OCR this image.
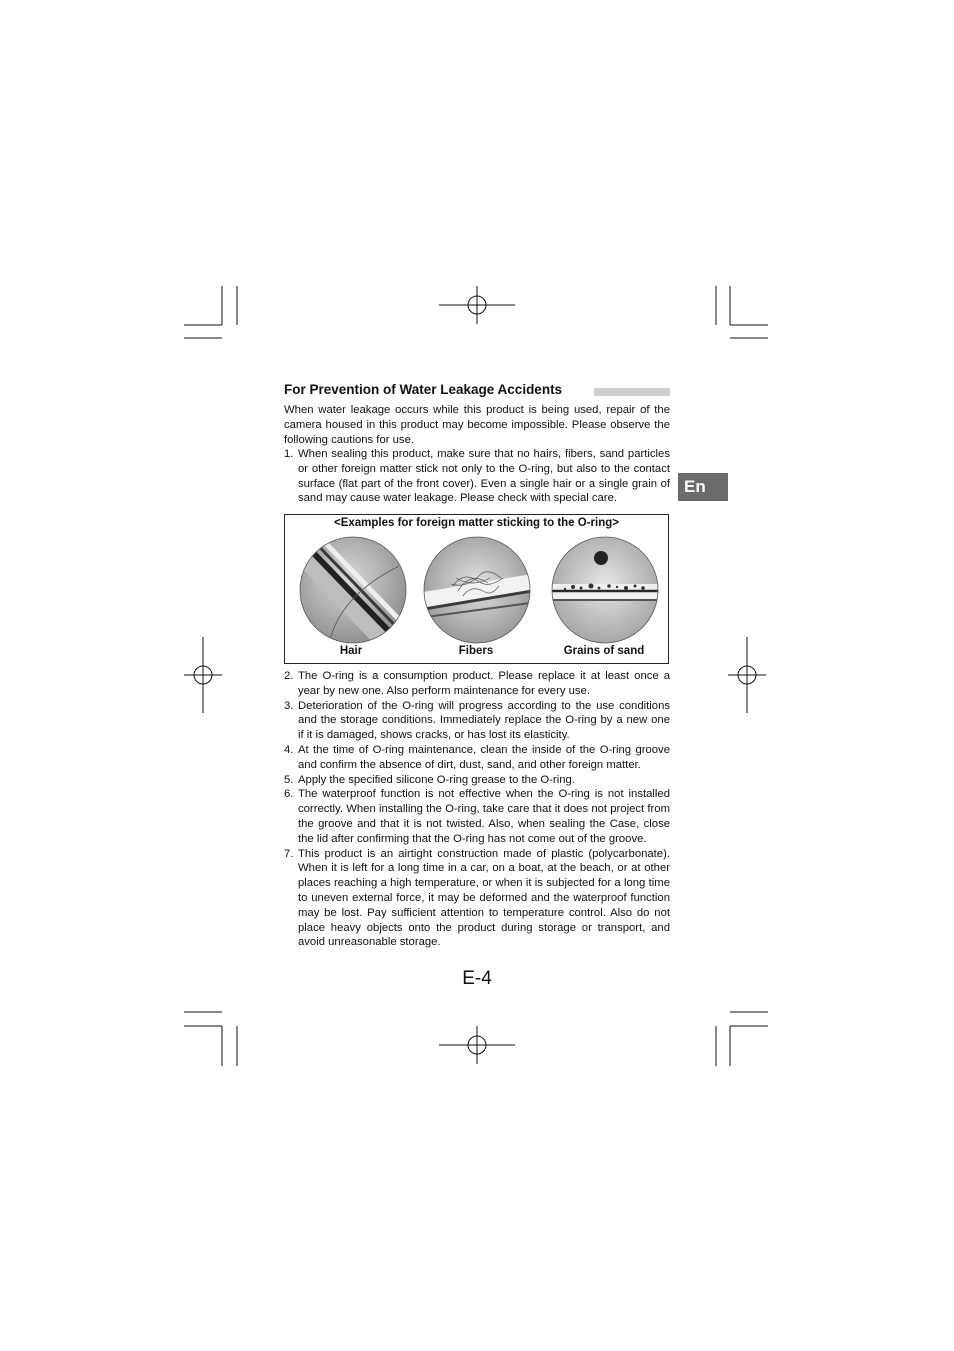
For Prevention of Water Leakage Accidents
When water leakage occurs while this product is being used, repair of the camera housed in this product may become impossible. Please observe the following cautions for use.
1. When sealing this product, make sure that no hairs, fibers, sand particles or other foreign matter stick not only to the O-ring, but also to the contact surface (flat part of the front cover). Even a single hair or a single grain of sand may cause water leakage. Please check with special care.
<Examples for foreign matter sticking to the O-ring>
Hair	Fibers	Grains of sand
2. The O-ring is a consumption product. Please replace it at least once a year by new one. Also perform maintenance for every use.
3. Deterioration of the O-ring will progress according to the use conditions and the storage conditions. Immediately replace the O-ring by a new one if it is damaged, shows cracks, or has lost its elasticity.
4. At the time of O-ring maintenance, clean the inside of the O-ring groove and confirm the absence of dirt, dust, sand, and other foreign matter.
5. Apply the specified silicone O-ring grease to the O-ring.
6. The waterproof function is not effective when the O-ring is not installed correctly. When installing the O-ring, take care that it does not project from the groove and that it is not twisted. Also, when sealing the Case, close the lid after confirming that the O-ring has not come out of the groove.
7. This product is an airtight construction made of plastic (polycarbonate). When it is left for a long time in a car, on a boat, at the beach, or at other places reaching a high temperature, or when it is subjected for a long time to uneven external force, it may be deformed and the waterproof function may be lost. Pay sufficient attention to temperature control. Also do not place heavy objects onto the product during storage or transport, and avoid unreasonable storage.
En
E-4
